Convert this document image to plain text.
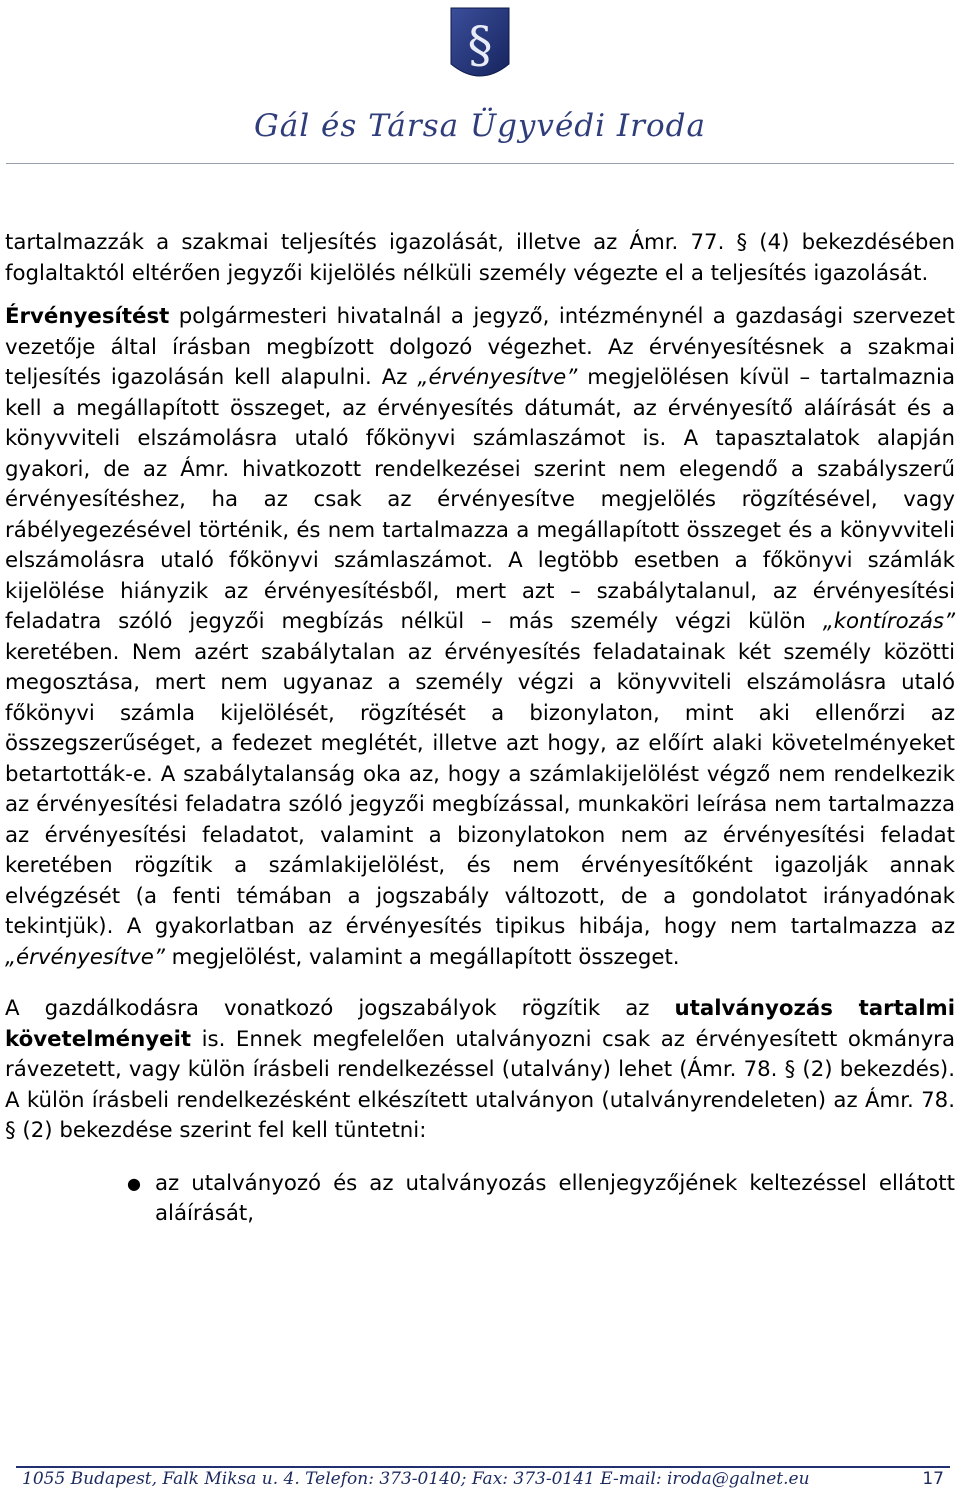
§
Gál és Társa Ügyvédi Iroda

tartalmazzák a szakmai teljesítés igazolását, illetve az Ámr. 77. § (4) bekezdésében foglaltaktól eltérően jegyzői kijelölés nélküli személy végezte el a teljesítés igazolását.

Érvényesítést polgármesteri hivatalnál a jegyző, intézménynél a gazdasági szervezet vezetője által írásban megbízott dolgozó végezhet. Az érvényesítésnek a szakmai teljesítés igazolásán kell alapulni. Az „érvényesítve” megjelölésen kívül – tartalmaznia kell a megállapított összeget, az érvényesítés dátumát, az érvényesítő aláírását és a könyvviteli elszámolásra utaló főkönyvi számlaszámot is. A tapasztalatok alapján gyakori, de az Ámr. hivatkozott rendelkezései szerint nem elegendő a szabályszerű érvényesítéshez, ha az csak az érvényesítve megjelölés rögzítésével, vagy rábélyegezésével történik, és nem tartalmazza a megállapított összeget és a könyvviteli elszámolásra utaló főkönyvi számlaszámot. A legtöbb esetben a főkönyvi számlák kijelölése hiányzik az érvényesítésből, mert azt – szabálytalanul, az érvényesítési feladatra szóló jegyzői megbízás nélkül – más személy végzi külön „kontírozás” keretében. Nem azért szabálytalan az érvényesítés feladatainak két személy közötti megosztása, mert nem ugyanaz a személy végzi a könyvviteli elszámolásra utaló főkönyvi számla kijelölését, rögzítését a bizonylaton, mint aki ellenőrzi az összegszerűséget, a fedezet meglétét, illetve azt hogy, az előírt alaki követelményeket betartották-e. A szabálytalanság oka az, hogy a számlakijelölést végző nem rendelkezik az érvényesítési feladatra szóló jegyzői megbízással, munkaköri leírása nem tartalmazza az érvényesítési feladatot, valamint a bizonylatokon nem az érvényesítési feladat keretében rögzítik a számlakijelölést, és nem érvényesítőként igazolják annak elvégzését (a fenti témában a jogszabály változott, de a gondolatot irányadónak tekintjük). A gyakorlatban az érvényesítés tipikus hibája, hogy nem tartalmazza az „érvényesítve” megjelölést, valamint a megállapított összeget.

A gazdálkodásra vonatkozó jogszabályok rögzítik az utalványozás tartalmi követelményeit is. Ennek megfelelően utalványozni csak az érvényesített okmányra rávezetett, vagy külön írásbeli rendelkezéssel (utalvány) lehet (Ámr. 78. § (2) bekezdés). A külön írásbeli rendelkezésként elkészített utalványon (utalványrendeleten) az Ámr. 78. § (2) bekezdése szerint fel kell tüntetni:

● az utalványozó és az utalványozás ellenjegyzőjének keltezéssel ellátott aláírását,
1055 Budapest, Falk Miksa u. 4. Telefon: 373-0140; Fax: 373-0141 E-mail: iroda@galnet.eu	17
